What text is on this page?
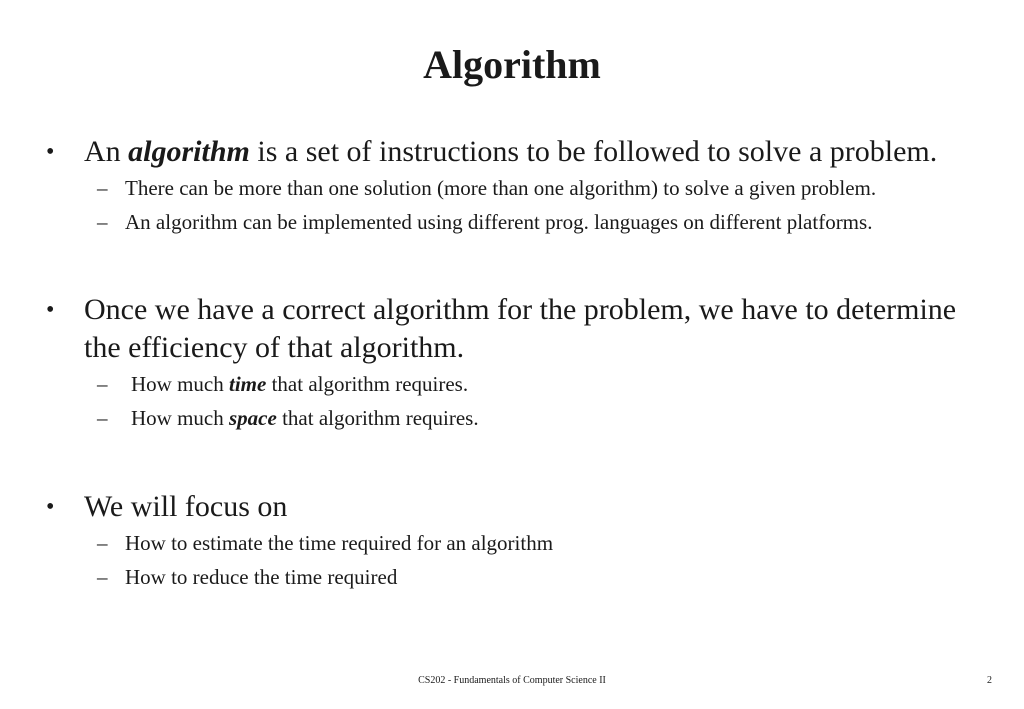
Algorithm
• An algorithm is a set of instructions to be followed to solve a problem.
– There can be more than one solution (more than one algorithm) to solve a given problem.
– An algorithm can be implemented using different prog. languages on different platforms.
• Once we have a correct algorithm for the problem, we have to determine the efficiency of that algorithm.
– How much time that algorithm requires.
– How much space that algorithm requires.
• We will focus on
– How to estimate the time required for an algorithm
– How to reduce the time required
CS202 - Fundamentals of Computer Science II	2
